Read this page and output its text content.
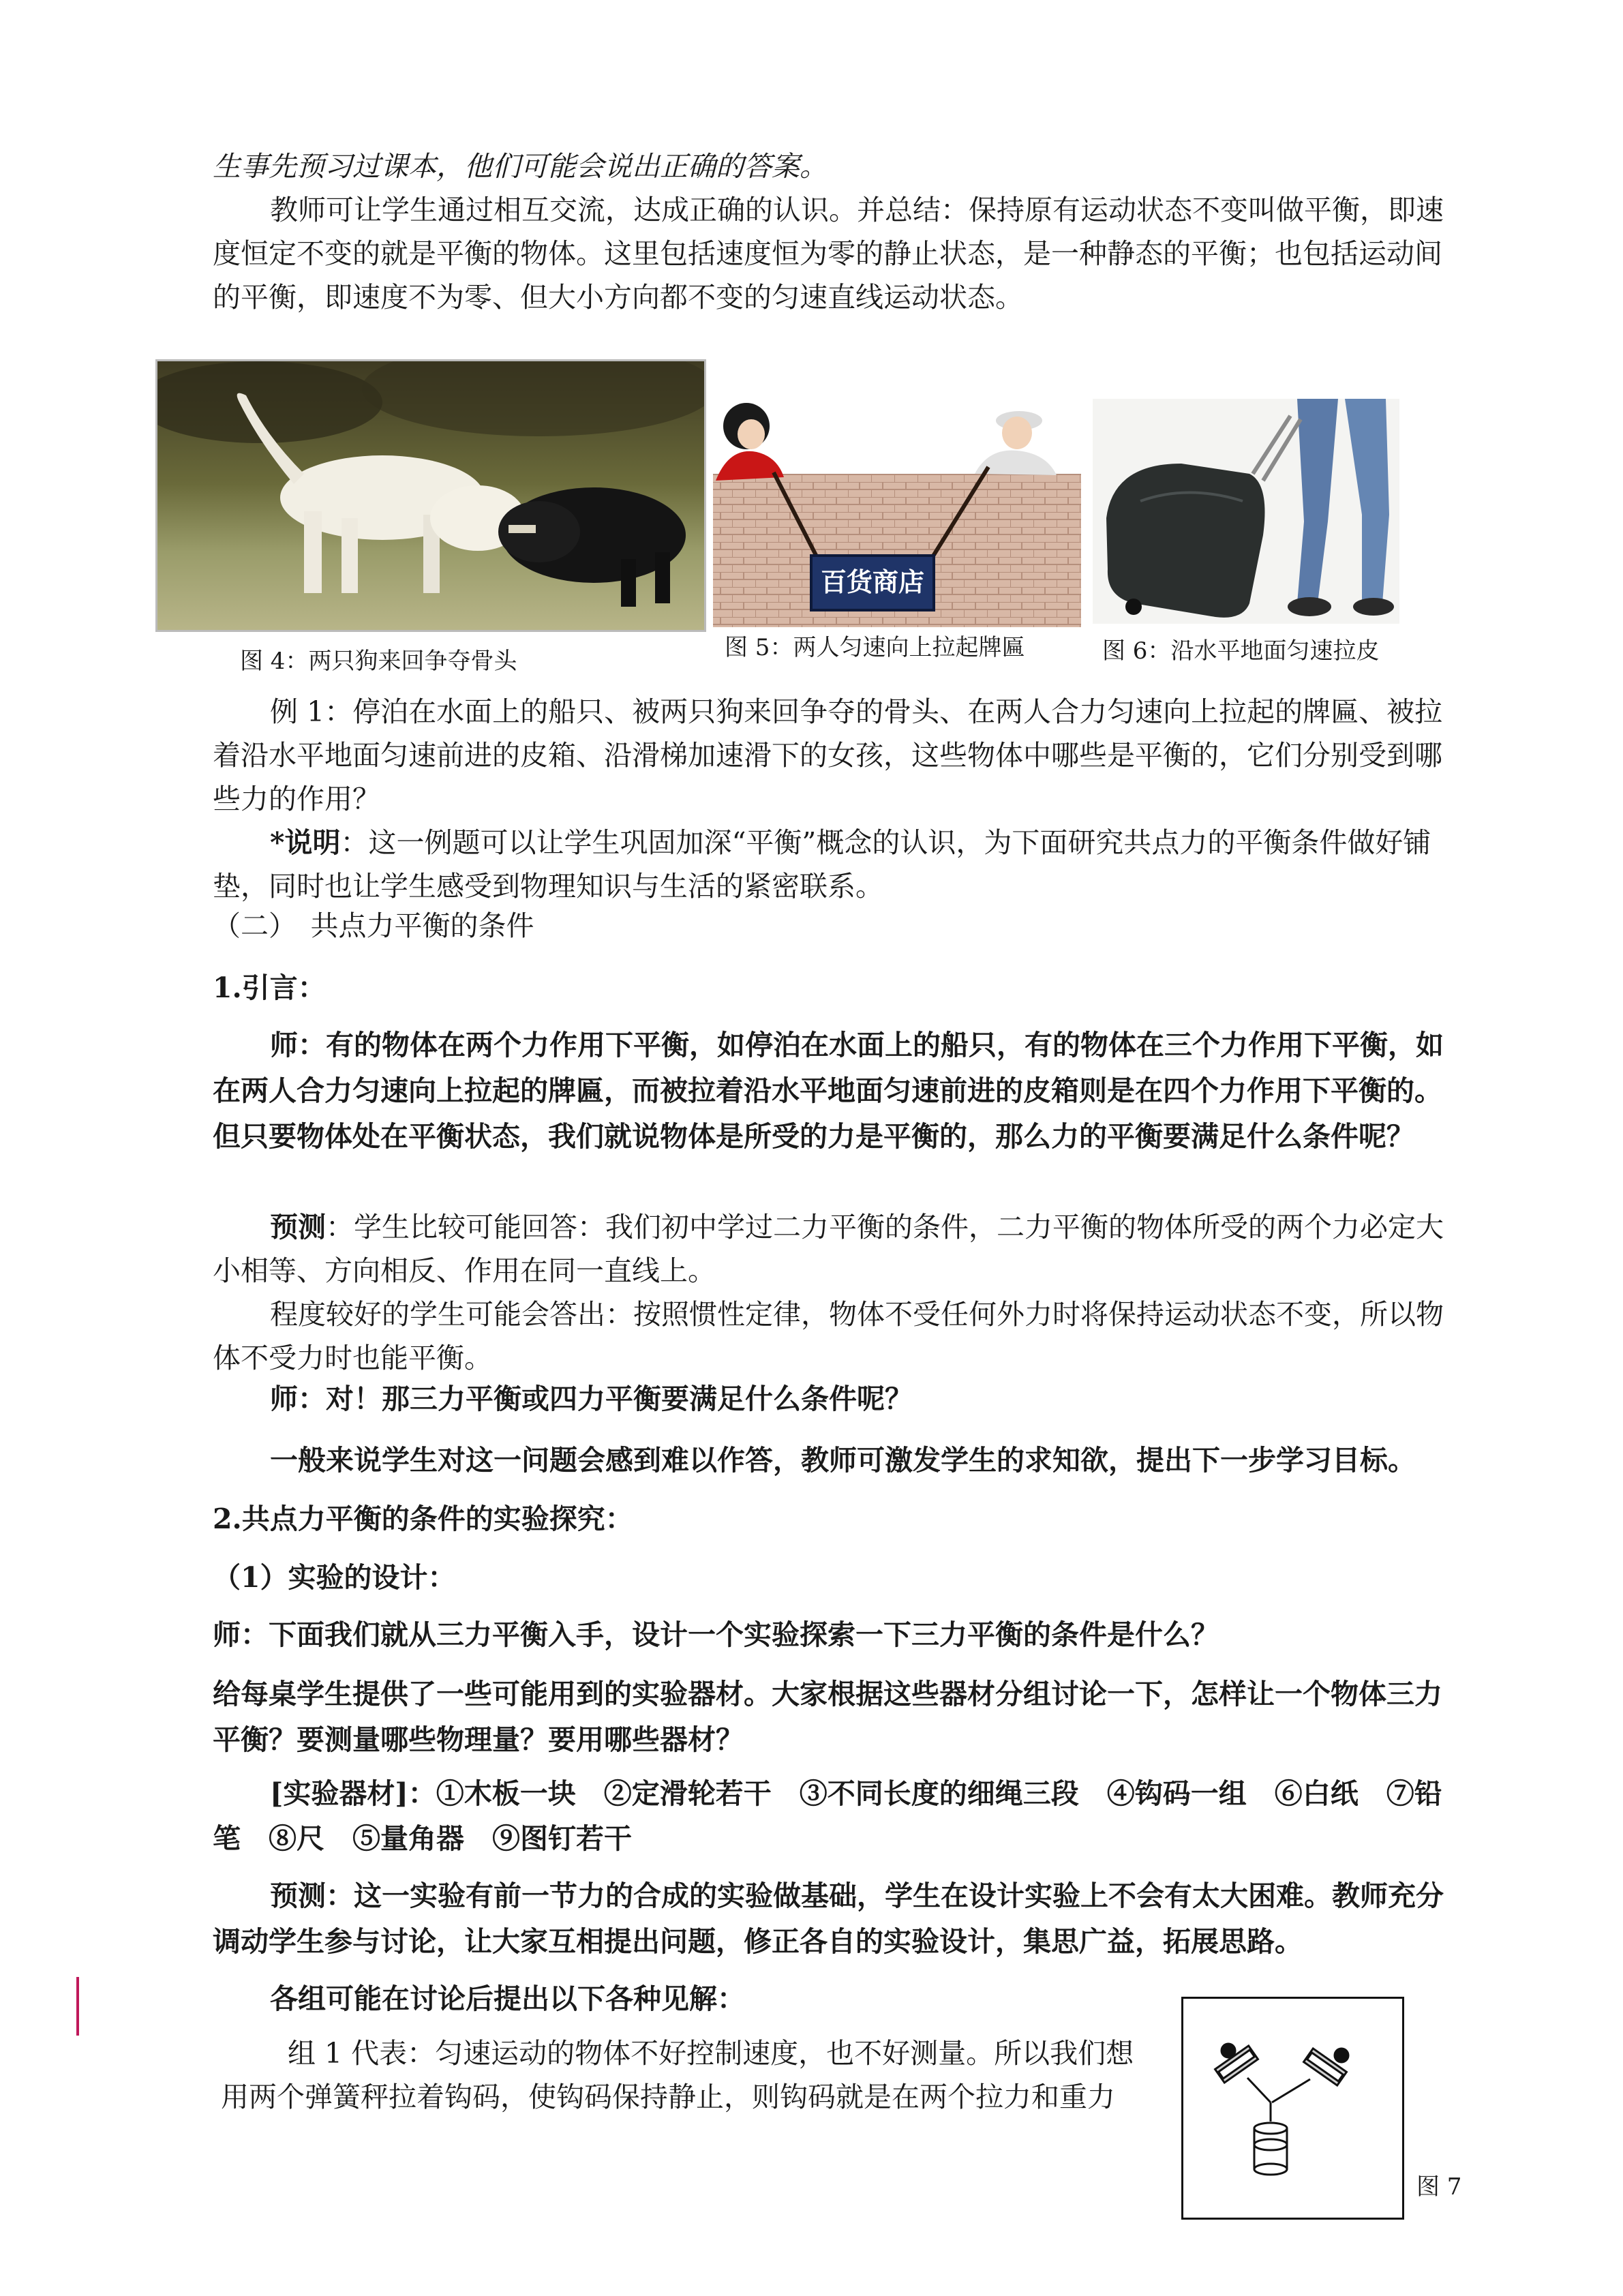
生事先预习过课本，他们可能会说出正确的答案。
教师可让学生通过相互交流，达成正确的认识。并总结：保持原有运动状态不变叫做平衡，即速度恒定不变的就是平衡的物体。这里包括速度恒为零的静止状态，是一种静态的平衡；也包括运动间的平衡，即速度不为零、但大小方向都不变的匀速直线运动状态。
图 4：两只狗来回争夺骨头
百货商店
图 5：两人匀速向上拉起牌匾	图 6：沿水平地面匀速拉皮
例 1：停泊在水面上的船只、被两只狗来回争夺的骨头、在两人合力匀速向上拉起的牌匾、被拉着沿水平地面匀速前进的皮箱、沿滑梯加速滑下的女孩，这些物体中哪些是平衡的，它们分别受到哪些力的作用？
*说明：这一例题可以让学生巩固加深“平衡”概念的认识，为下面研究共点力的平衡条件做好铺垫，同时也让学生感受到物理知识与生活的紧密联系。
（二）　共点力平衡的条件
1.引言：
师：有的物体在两个力作用下平衡，如停泊在水面上的船只，有的物体在三个力作用下平衡，如在两人合力匀速向上拉起的牌匾，而被拉着沿水平地面匀速前进的皮箱则是在四个力作用下平衡的。但只要物体处在平衡状态，我们就说物体是所受的力是平衡的，那么力的平衡要满足什么条件呢？
预测：学生比较可能回答：我们初中学过二力平衡的条件，二力平衡的物体所受的两个力必定大小相等、方向相反、作用在同一直线上。
程度较好的学生可能会答出：按照惯性定律，物体不受任何外力时将保持运动状态不变，所以物体不受力时也能平衡。
师：对！那三力平衡或四力平衡要满足什么条件呢？
一般来说学生对这一问题会感到难以作答，教师可激发学生的求知欲，提出下一步学习目标。
2.共点力平衡的条件的实验探究：
（1）实验的设计：
师：下面我们就从三力平衡入手，设计一个实验探索一下三力平衡的条件是什么？
给每桌学生提供了一些可能用到的实验器材。大家根据这些器材分组讨论一下，怎样让一个物体三力平衡？要测量哪些物理量？要用哪些器材？
[实验器材]：①木板一块　②定滑轮若干　③不同长度的细绳三段　④钩码一组　⑥白纸　⑦铅笔　⑧尺　⑤量角器　⑨图钉若干
预测：这一实验有前一节力的合成的实验做基础，学生在设计实验上不会有太大困难。教师充分调动学生参与讨论，让大家互相提出问题，修正各自的实验设计，集思广益，拓展思路。
各组可能在讨论后提出以下各种见解：
组 1 代表：匀速运动的物体不好控制速度，也不好测量。所以我们想用两个弹簧秤拉着钩码，使钩码保持静止，则钩码就是在两个拉力和重力
图 7
